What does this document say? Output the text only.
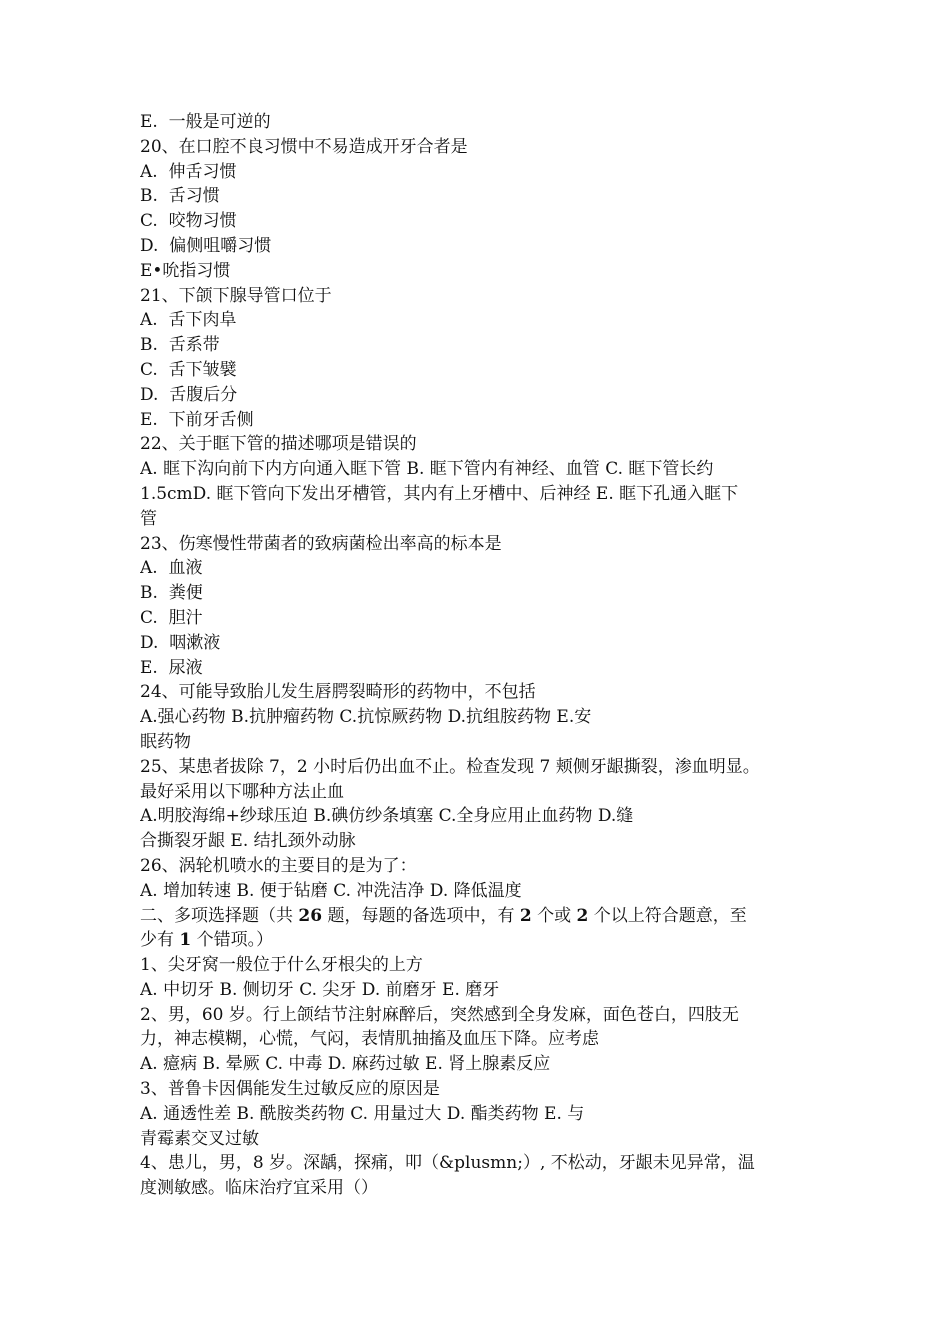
E.  一般是可逆的
20、在口腔不良习惯中不易造成开牙合者是
A.  伸舌习惯
B.  舌习惯
C.  咬物习惯
D.  偏侧咀嚼习惯
E•吮指习惯
21、下颌下腺导管口位于
A.  舌下肉阜
B.  舌系带
C.  舌下皱襞
D.  舌腹后分
E.  下前牙舌侧
22、关于眶下管的描述哪项是错误的
A. 眶下沟向前下内方向通入眶下管 B. 眶下管内有神经、血管 C. 眶下管长约
1.5cmD. 眶下管向下发出牙槽管，其内有上牙槽中、后神经 E. 眶下孔通入眶下
管
23、伤寒慢性带菌者的致病菌检出率高的标本是
A.  血液
B.  粪便
C.  胆汁
D.  咽漱液
E.  尿液
24、可能导致胎儿发生唇腭裂畸形的药物中，不包括
A.强心药物 B.抗肿瘤药物 C.抗惊厥药物 D.抗组胺药物 E.安
眠药物
25、某患者拔除 7，2 小时后仍出血不止。检查发现 7 颊侧牙龈撕裂，渗血明显。
最好采用以下哪种方法止血
A.明胶海绵+纱球压迫 B.碘仿纱条填塞 C.全身应用止血药物 D.缝
合撕裂牙龈 E. 结扎颈外动脉
26、涡轮机喷水的主要目的是为了：
A. 增加转速 B. 便于钻磨 C. 冲洗洁净 D. 降低温度
二、多项选择题（共 26 题，每题的备选项中，有 2 个或 2 个以上符合题意，至
少有 1 个错项。）
1、尖牙窝一般位于什么牙根尖的上方
A. 中切牙 B. 侧切牙 C. 尖牙 D. 前磨牙 E. 磨牙
2、男，60 岁。行上颌结节注射麻醉后，突然感到全身发麻，面色苍白，四肢无
力，神志模糊，心慌，气闷，表情肌抽搐及血压下降。应考虑
A. 癔病 B. 晕厥 C. 中毒 D. 麻药过敏 E. 肾上腺素反应
3、普鲁卡因偶能发生过敏反应的原因是
A. 通透性差 B. 酰胺类药物 C. 用量过大 D. 酯类药物 E. 与
青霉素交叉过敏
4、患儿，男，8 岁。深龋，探痛，叩（&plusmn;）, 不松动，牙龈未见异常，温
度测敏感。临床治疗宜采用（）
